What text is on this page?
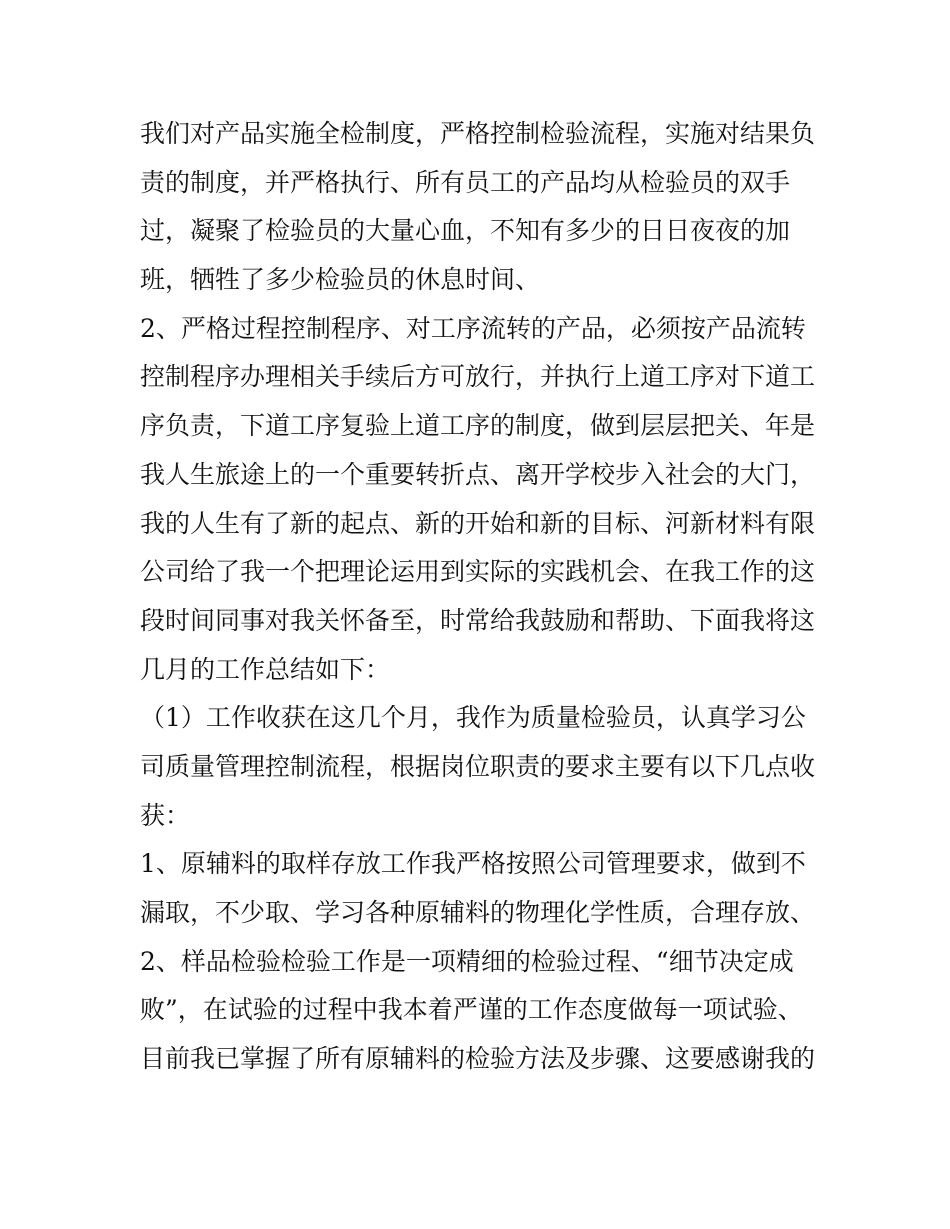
我们对产品实施全检制度，严格控制检验流程，实施对结果负
责的制度，并严格执行、所有员工的产品均从检验员的双手
过，凝聚了检验员的大量心血，不知有多少的日日夜夜的加
班，牺牲了多少检验员的休息时间、
2、严格过程控制程序、对工序流转的产品，必须按产品流转
控制程序办理相关手续后方可放行，并执行上道工序对下道工
序负责，下道工序复验上道工序的制度，做到层层把关、年是
我人生旅途上的一个重要转折点、离开学校步入社会的大门，
我的人生有了新的起点、新的开始和新的目标、河新材料有限
公司给了我一个把理论运用到实际的实践机会、在我工作的这
段时间同事对我关怀备至，时常给我鼓励和帮助、下面我将这
几月的工作总结如下：
（1）工作收获在这几个月，我作为质量检验员，认真学习公
司质量管理控制流程，根据岗位职责的要求主要有以下几点收
获：
1、原辅料的取样存放工作我严格按照公司管理要求，做到不
漏取，不少取、学习各种原辅料的物理化学性质，合理存放、
2、样品检验检验工作是一项精细的检验过程、“细节决定成
败”，在试验的过程中我本着严谨的工作态度做每一项试验、
目前我已掌握了所有原辅料的检验方法及步骤、这要感谢我的
